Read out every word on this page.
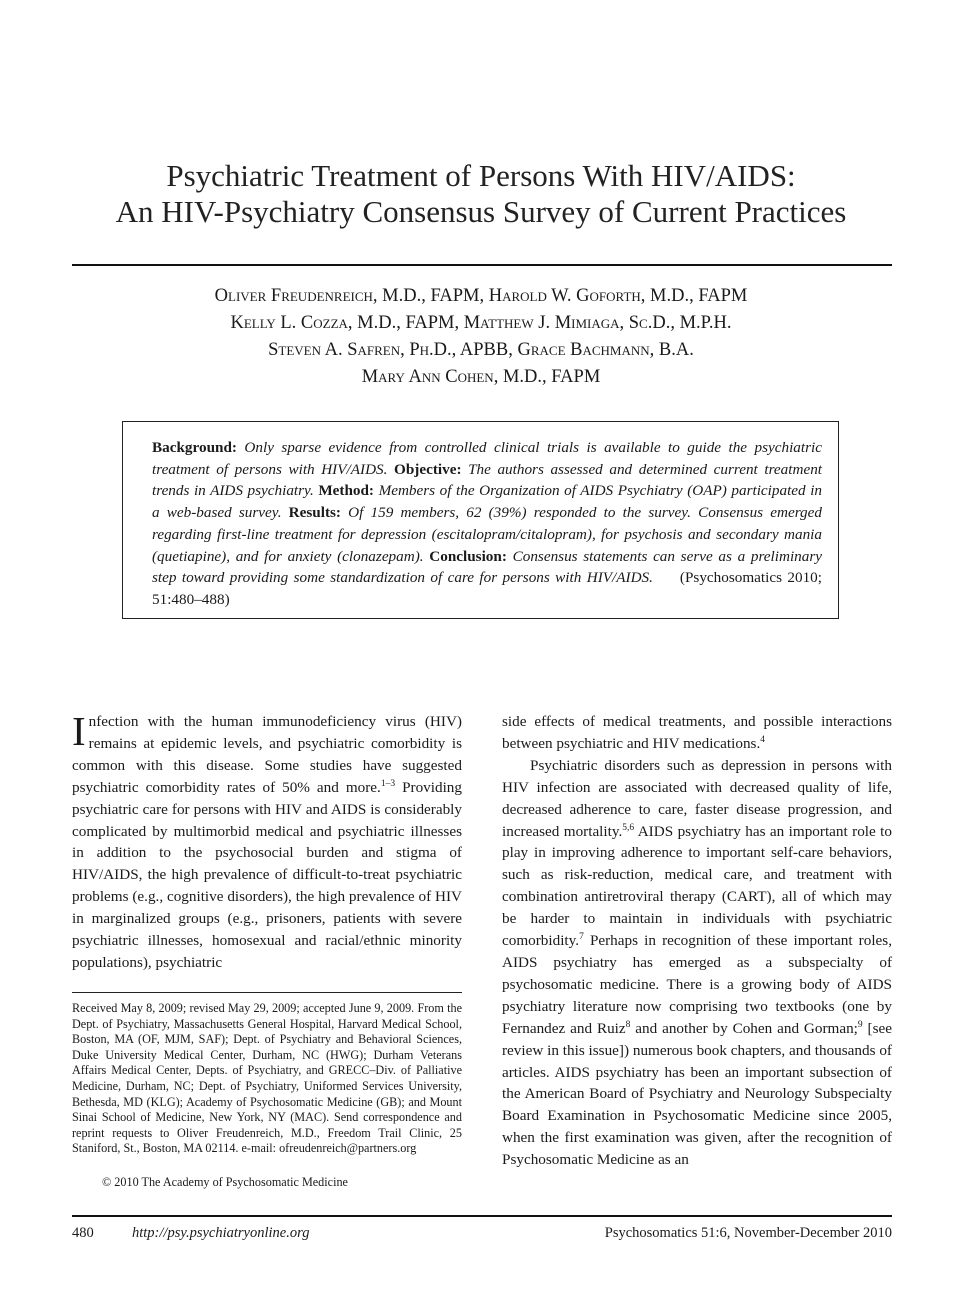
Psychiatric Treatment of Persons With HIV/AIDS:
An HIV-Psychiatry Consensus Survey of Current Practices
Oliver Freudenreich, M.D., FAPM, Harold W. Goforth, M.D., FAPM
Kelly L. Cozza, M.D., FAPM, Matthew J. Mimiaga, Sc.D., M.P.H.
Steven A. Safren, Ph.D., APBB, Grace Bachmann, B.A.
Mary Ann Cohen, M.D., FAPM
Background: Only sparse evidence from controlled clinical trials is available to guide the psychiatric treatment of persons with HIV/AIDS. Objective: The authors assessed and determined current treatment trends in AIDS psychiatry. Method: Members of the Organization of AIDS Psychiatry (OAP) participated in a web-based survey. Results: Of 159 members, 62 (39%) responded to the survey. Consensus emerged regarding first-line treatment for depression (escitalopram/citalopram), for psychosis and secondary mania (quetiapine), and for anxiety (clonazepam). Conclusion: Consensus statements can serve as a preliminary step toward providing some standardization of care for persons with HIV/AIDS. (Psychosomatics 2010; 51:480–488)
Infection with the human immunodeficiency virus (HIV) remains at epidemic levels, and psychiatric comorbidity is common with this disease. Some studies have suggested psychiatric comorbidity rates of 50% and more.$^{1-3}$ Providing psychiatric care for persons with HIV and AIDS is considerably complicated by multimorbid medical and psychiatric illnesses in addition to the psychosocial burden and stigma of HIV/AIDS, the high prevalence of difficult-to-treat psychiatric problems (e.g., cognitive disorders), the high prevalence of HIV in marginalized groups (e.g., prisoners, patients with severe psychiatric illnesses, homosexual and racial/ethnic minority populations), psychiatric

side effects of medical treatments, and possible interactions between psychiatric and HIV medications.$^4$

Psychiatric disorders such as depression in persons with HIV infection are associated with decreased quality of life, decreased adherence to care, faster disease progression, and increased mortality.$^{5,6}$ AIDS psychiatry has an important role to play in improving adherence to important self-care behaviors, such as risk-reduction, medical care, and treatment with combination antiretroviral therapy (CART), all of which may be harder to maintain in individuals with psychiatric comorbidity.$^7$ Perhaps in recognition of these important roles, AIDS psychiatry has emerged as a subspecialty of psychosomatic medicine. There is a growing body of AIDS psychiatry literature now comprising two textbooks (one by Fernandez and Ruiz$^8$ and another by Cohen and Gorman;$^9$ [see review in this issue]) numerous book chapters, and thousands of articles. AIDS psychiatry has been an important subsection of the American Board of Psychiatry and Neurology Subspecialty Board Examination in Psychosomatic Medicine since 2005, when the first examination was given, after the recognition of Psychosomatic Medicine as an

Received May 8, 2009; revised May 29, 2009; accepted June 9, 2009. From the Dept. of Psychiatry, Massachusetts General Hospital, Harvard Medical School, Boston, MA (OF, MJM, SAF); Dept. of Psychiatry and Behavioral Sciences, Duke University Medical Center, Durham, NC (HWG); Durham Veterans Affairs Medical Center, Depts. of Psychiatry, and GRECC–Div. of Palliative Medicine, Durham, NC; Dept. of Psychiatry, Uniformed Services University, Bethesda, MD (KLG); Academy of Psychosomatic Medicine (GB); and Mount Sinai School of Medicine, New York, NY (MAC). Send correspondence and reprint requests to Oliver Freudenreich, M.D., Freedom Trail Clinic, 25 Staniford, St., Boston, MA 02114. e-mail: ofreudenreich@partners.org
© 2010 The Academy of Psychosomatic Medicine
480	http://psy.psychiatryonline.org	Psychosomatics 51:6, November-December 2010
